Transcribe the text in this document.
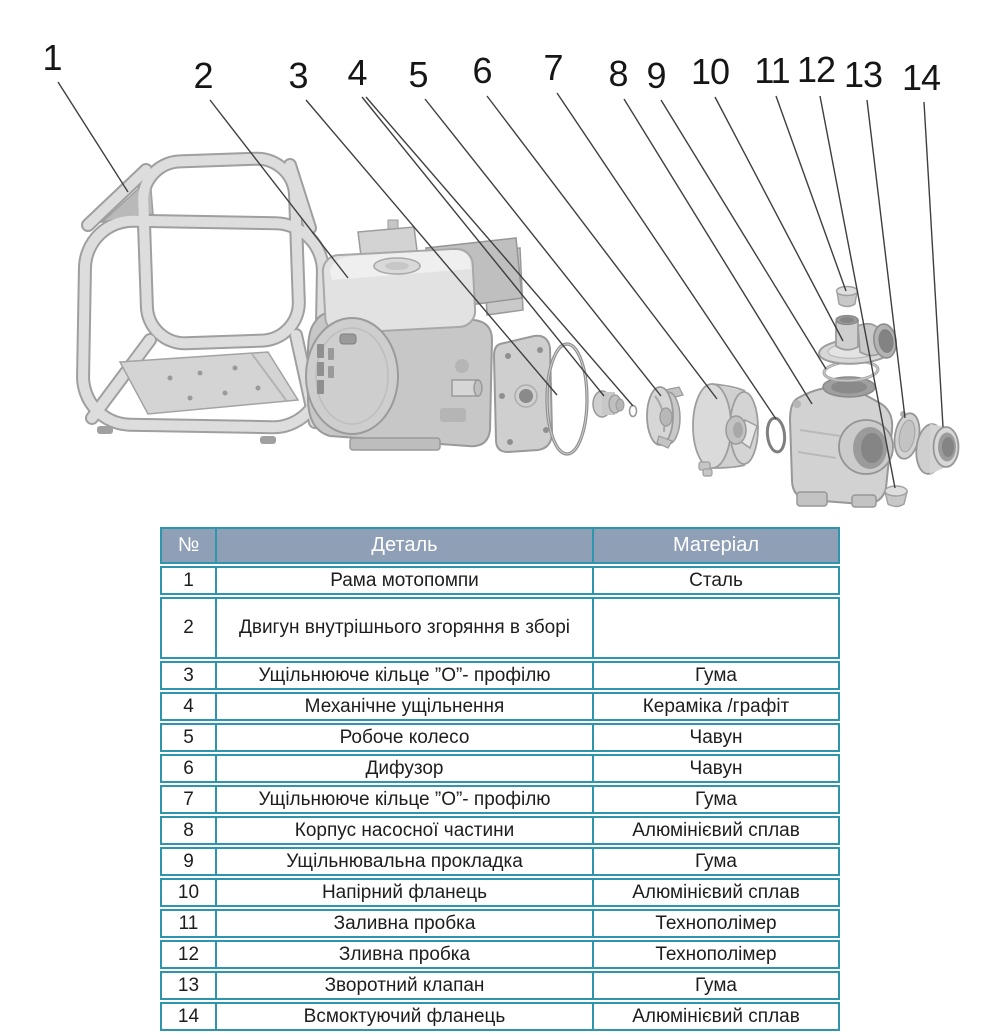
1	2 3 4 5 6 7 8 9 10 11 12 13 14
№	Деталь	Матеріал
1	Рама мотопомпи	Сталь
2	Двигун внутрішнього згоряння в зборі
3	Ущільнююче кільце ”О”- профілю	Гума
4	Механічне ущільнення	Кераміка /графіт
5	Робоче колесо	Чавун
6	Дифузор	Чавун
7	Ущільнююче кільце ”О”- профілю	Гума
8	Корпус насосної частини	Алюмінієвий сплав
9	Ущільнювальна прокладка	Гума
10	Напірний фланець	Алюмінієвий сплав
11	Заливна пробка	Технополімер
12	Зливна пробка	Технополімер
13	Зворотний клапан	Гума
14	Всмоктуючий фланець	Алюмінієвий сплав
